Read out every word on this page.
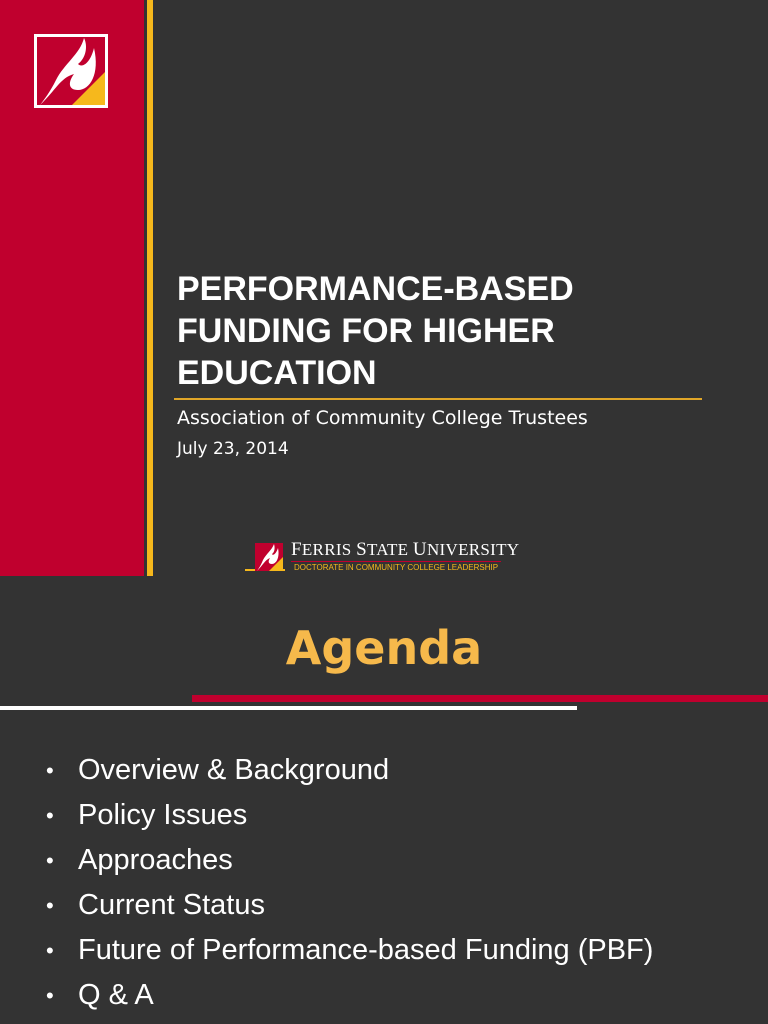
PERFORMANCE-BASED
FUNDING FOR HIGHER
EDUCATION

Association of Community College Trustees

July 23, 2014

FERRIS STATE UNIVERSITY
DOCTORATE IN COMMUNITY COLLEGE LEADERSHIP
Agenda
• Overview & Background
• Policy Issues
• Approaches
• Current Status
• Future of Performance-based Funding (PBF)
• Q & A
